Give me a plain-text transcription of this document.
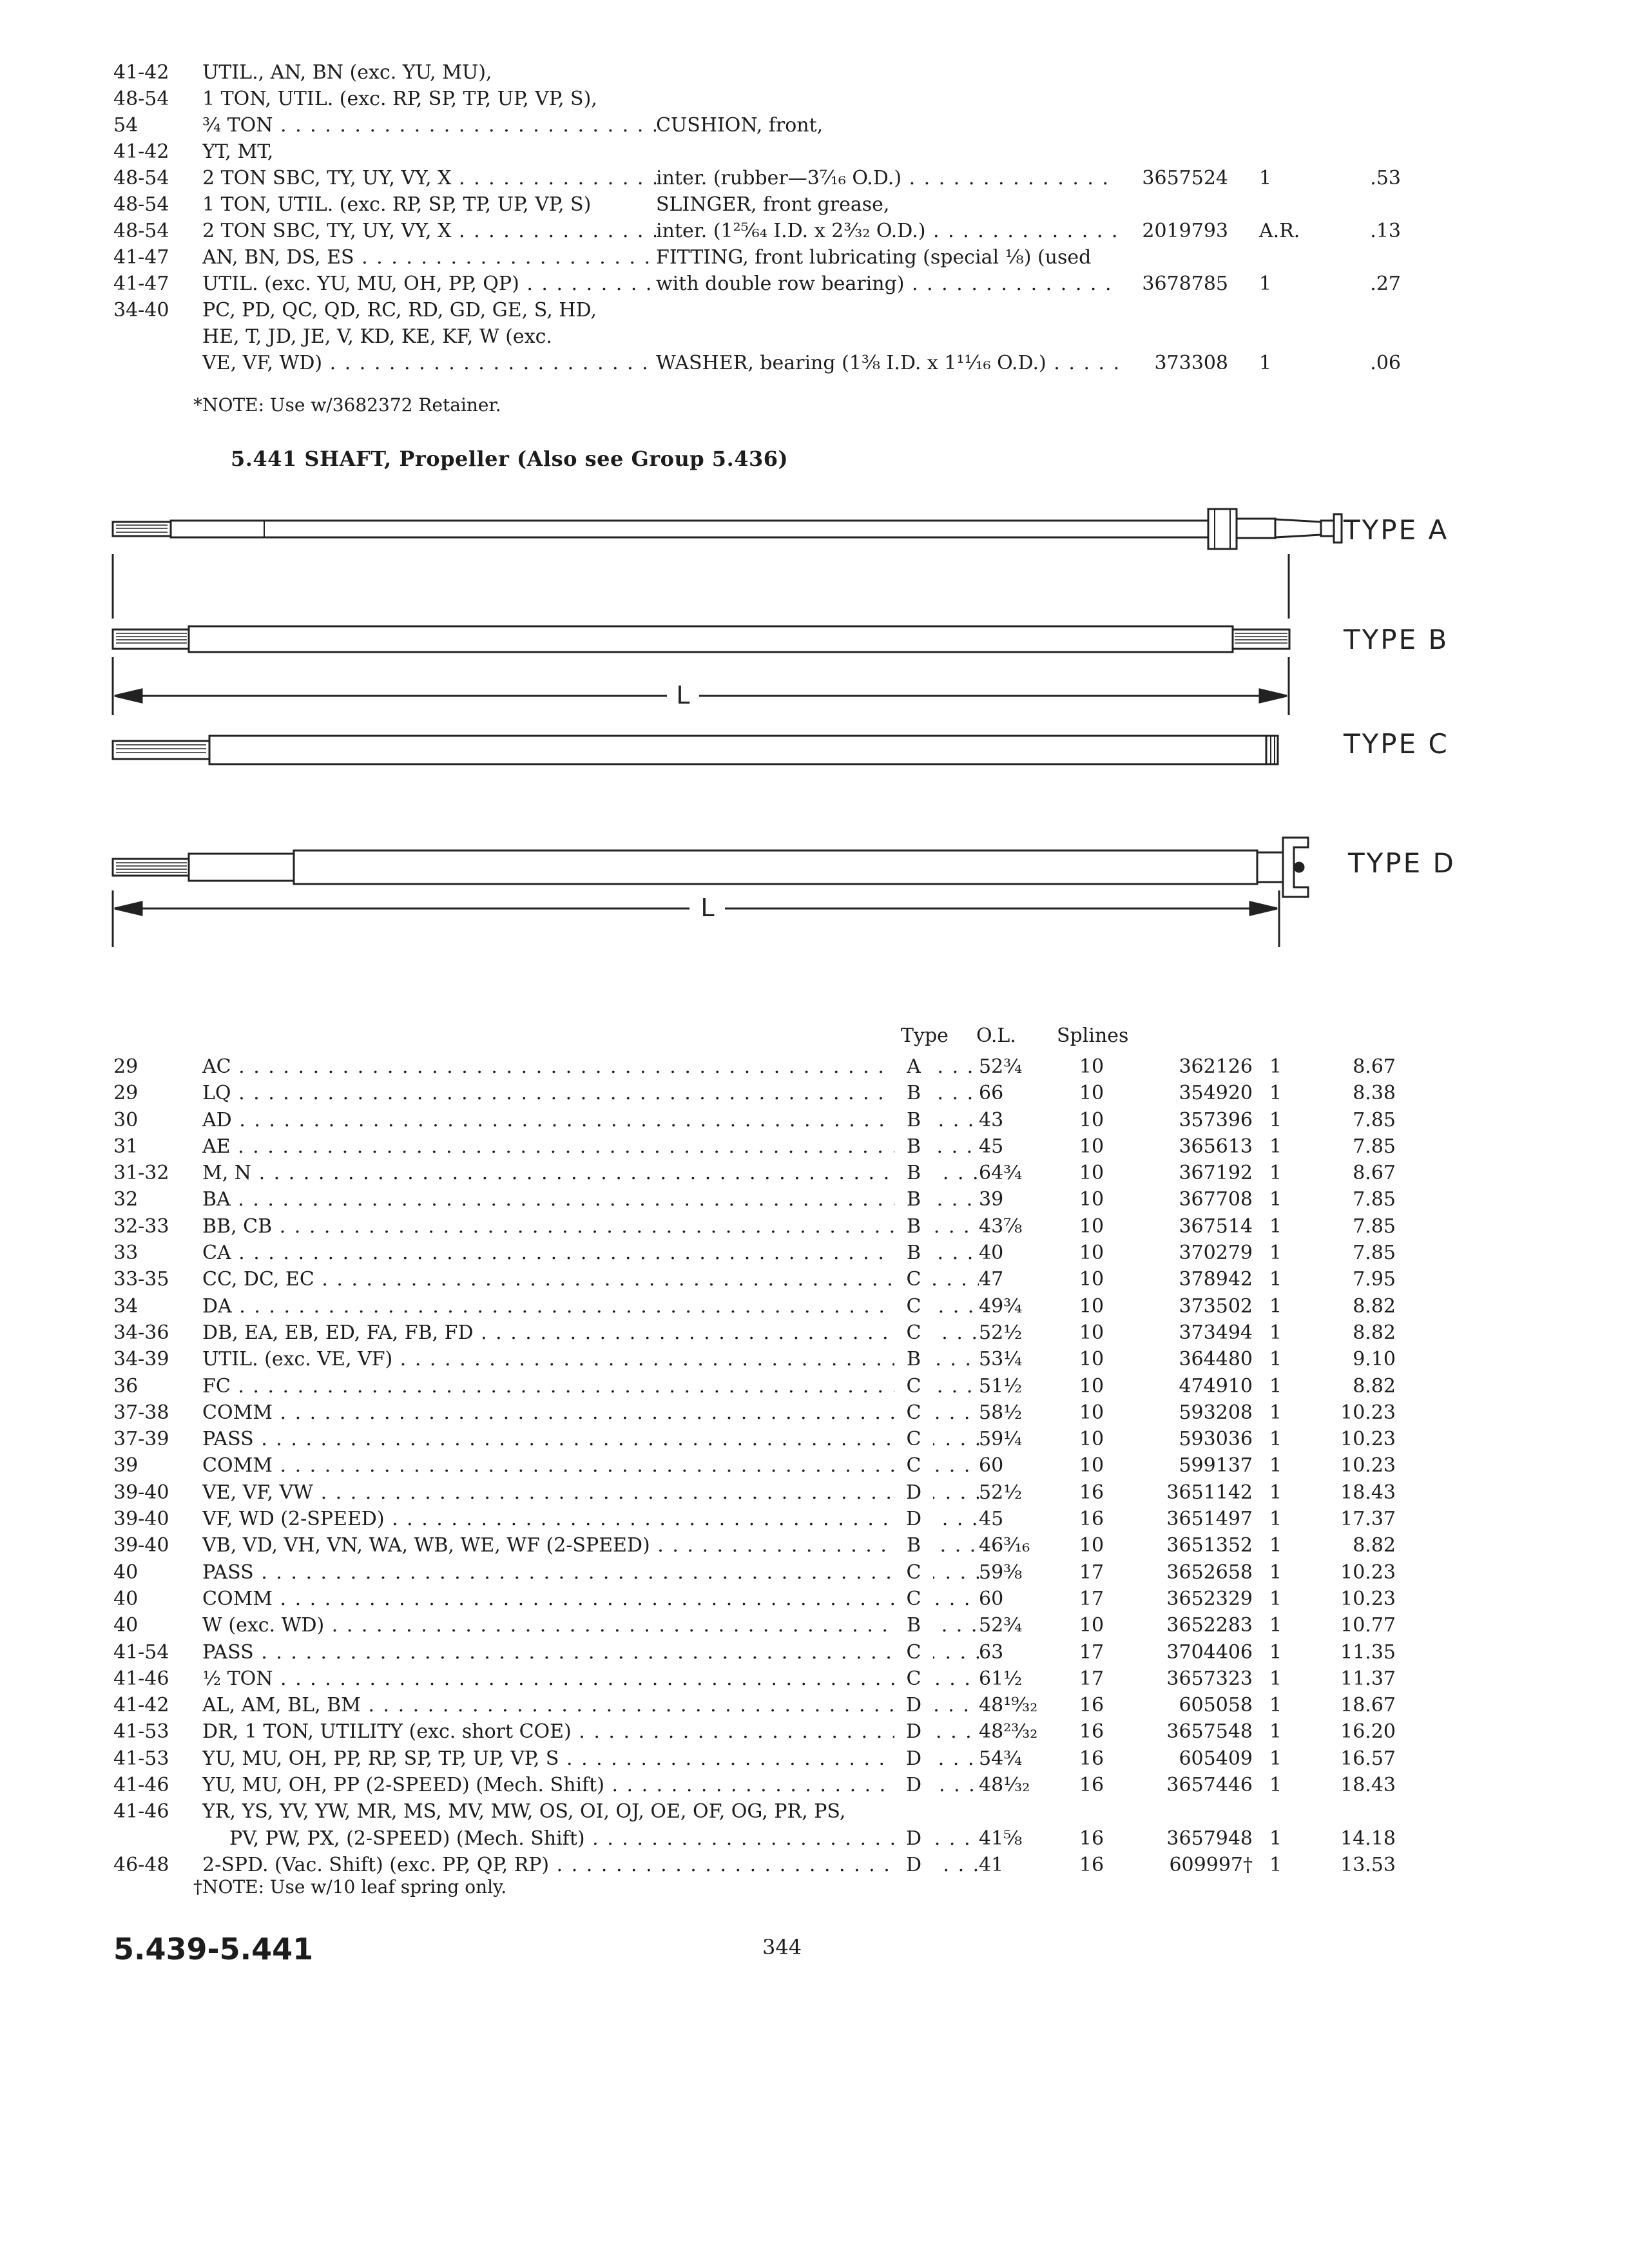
41-42	UTIL., AN, BN (exc. YU, MU),
48-54	1 TON, UTIL. (exc. RP, SP, TP, UP, VP, S),
54	¾ TON . . .	CUSHION, front,
41-42	YT, MT,
48-54	2 TON SBC, TY, UY, VY, X . . .	inter. (rubber—3⁷⁄₁₆ O.D.) . . .	3657524 1	.53
48-54	1 TON, UTIL. (exc. RP, SP, TP, UP, VP, S)	SLINGER, front grease,
48-54	2 TON SBC, TY, UY, VY, X . . .	inter. (1²⁵⁄₆₄ I.D. x 2³⁄₃₂ O.D.) . . .	2019793 A.R.	.13
41-47	AN, BN, DS, ES . . .	FITTING, front lubricating (special ⅛) (used
41-47	UTIL. (exc. YU, MU, OH, PP, QP) . . .	with double row bearing) . . .	3678785 1	.27
34-40	PC, PD, QC, QD, RC, RD, GD, GE, S, HD,
HE, T, JD, JE, V, KD, KE, KF, W (exc.
VE, VF, WD) . . .	WASHER, bearing (1⅜ I.D. x 1¹¹⁄₁₆ O.D.) . . .	373308 1	.06
*NOTE: Use w/3682372 Retainer.
5.441 SHAFT, Propeller (Also see Group 5.436)
L
L
TYPE A
TYPE B
TYPE C
TYPE D
Type O.L. Splines
29	AC . . .	A	52¾	10	362126 1	8.67
29	LQ . . .	B	66	10	354920 1	8.38
30	AD . . .	B	43	10	357396 1	7.85
31	AE . . .	B	45	10	365613 1	7.85
31-32	M, N . . .	B	64¾	10	367192 1	8.67
32	BA . . .	B	39	10	367708 1	7.85
32-33	BB, CB . . .	B	43⅞	10	367514 1	7.85
33	CA . . .	B	40	10	370279 1	7.85
33-35	CC, DC, EC . . .	C	47	10	378942 1	7.95
34	DA . . .	C	49¾	10	373502 1	8.82
34-36	DB, EA, EB, ED, FA, FB, FD . . .	C	52½	10	373494 1	8.82
34-39	UTIL. (exc. VE, VF) . . .	B	53¼	10	364480 1	9.10
36	FC . . .	C	51½	10	474910 1	8.82
37-38	COMM . . .	C	58½	10	593208 1	10.23
37-39	PASS . . .	C	59¼	10	593036 1	10.23
39	COMM . . .	C	60	10	599137 1	10.23
39-40	VE, VF, VW . . .	D	52½	16	3651142 1	18.43
39-40	VF, WD (2-SPEED) . . .	D	45	16	3651497 1	17.37
39-40	VB, VD, VH, VN, WA, WB, WE, WF (2-SPEED) . . .	B	46³⁄₁₆	10	3651352 1	8.82
40	PASS . . .	C	59⅜	17	3652658 1	10.23
40	COMM . . .	C	60	17	3652329 1	10.23
40	W (exc. WD) . . .	B	52¾	10	3652283 1	10.77
41-54	PASS . . .	C	63	17	3704406 1	11.35
41-46	½ TON . . .	C	61½	17	3657323 1	11.37
41-42	AL, AM, BL, BM . . .	D	48¹⁹⁄₃₂	16	605058 1	18.67
41-53	DR, 1 TON, UTILITY (exc. short COE) . . .	D	48²³⁄₃₂	16	3657548 1	16.20
41-53	YU, MU, OH, PP, RP, SP, TP, UP, VP, S . . .	D	54¾	16	605409 1	16.57
41-46	YU, MU, OH, PP (2-SPEED) (Mech. Shift) . . .	D	48¹⁄₃₂	16	3657446 1	18.43
41-46	YR, YS, YV, YW, MR, MS, MV, MW, OS, OI, OJ, OE, OF, OG, PR, PS,
PV, PW, PX, (2-SPEED) (Mech. Shift) . . .	D	41⅝	16	3657948 1	14.18
46-48	2-SPD. (Vac. Shift) (exc. PP, QP, RP) . . .	D	41	16	609997† 1	13.53
†NOTE: Use w/10 leaf spring only.
5.439-5.441	344
